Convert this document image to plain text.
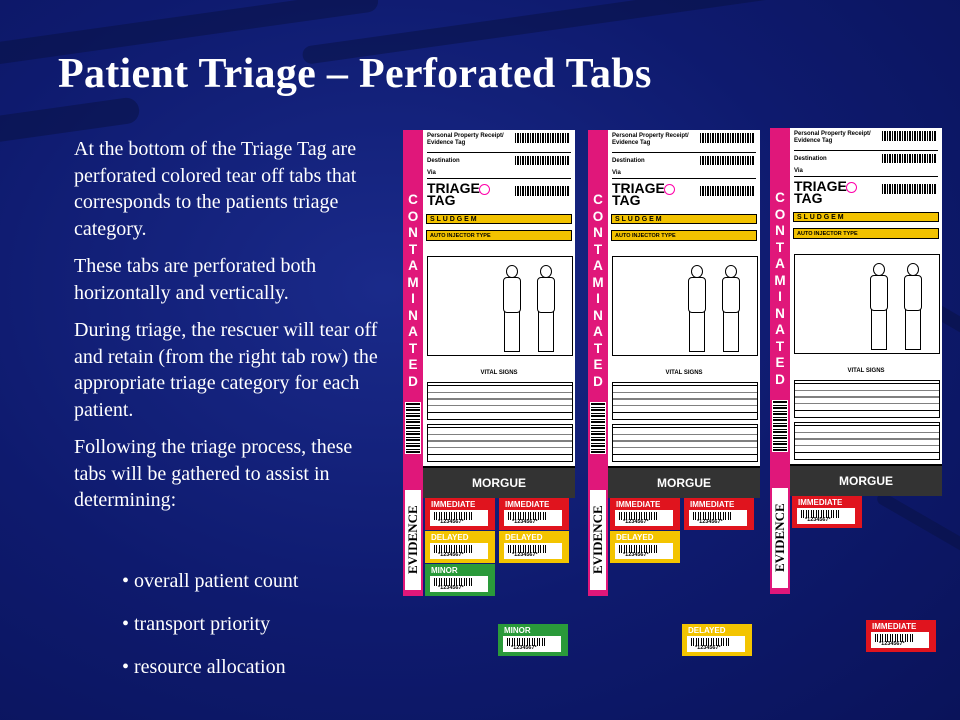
Patient Triage – Perforated Tabs

At the bottom of the Triage Tag are perforated colored tear off tabs that corresponds to the patients triage category.

These tabs are perforated both horizontally and vertically.

During triage, the rescuer will tear off and retain (from the right tab row) the appropriate triage category for each patient.

Following the triage process, these tabs will be gathered to assist in determining:

• overall patient count
• transport priority
• resource allocation
C
O
N
T
A
M
I
N
A
T
E
D
EVIDENCE
Personal Property Receipt/
Evidence Tag
Destination
Via
TRIAGE
TAG
S L U D G E M
AUTO INJECTOR TYPE
VITAL SIGNS
MORGUE
IMMEDIATE
*1234567*
IMMEDIATE
*1234567*
DELAYED
*1234567*
DELAYED
*1234567*
MINOR
*1234567*
C
O
N
T
A
M
I
N
A
T
E
D
EVIDENCE
Personal Property Receipt/
Evidence Tag
Destination
Via
TRIAGE
TAG
S L U D G E M
AUTO INJECTOR TYPE
VITAL SIGNS
MORGUE
IMMEDIATE
*1234567*
IMMEDIATE
*1234567*
DELAYED
*1234567*
C
O
N
T
A
M
I
N
A
T
E
D
EVIDENCE
Personal Property Receipt/
Evidence Tag
Destination
Via
TRIAGE
TAG
S L U D G E M
AUTO INJECTOR TYPE
VITAL SIGNS
MORGUE
IMMEDIATE
*1234567*
MINOR
*1234567*
DELAYED
*1234567*
IMMEDIATE
*1234567*
